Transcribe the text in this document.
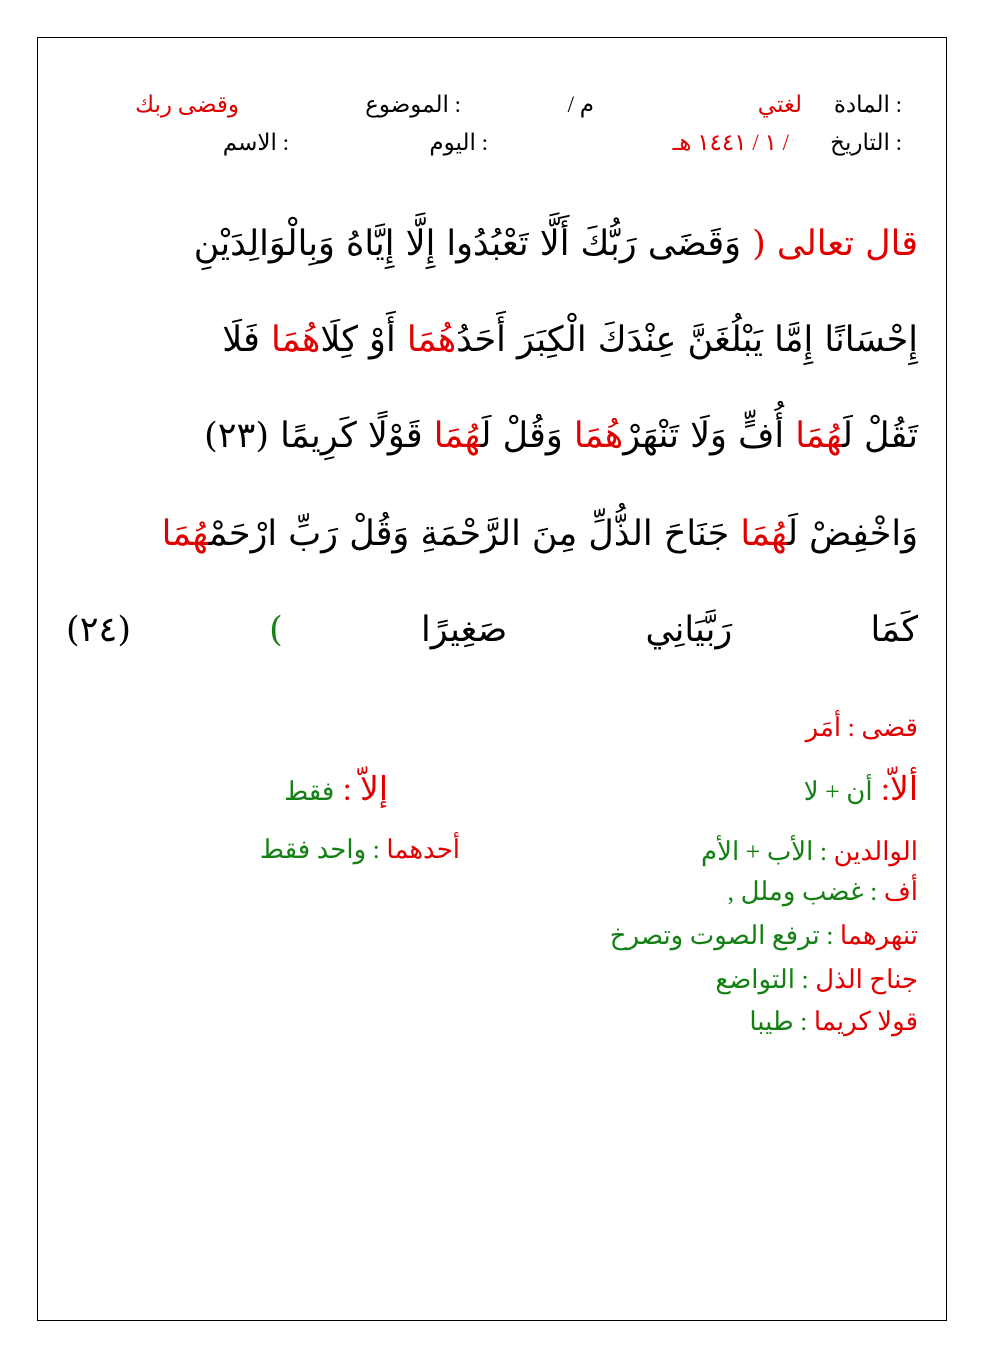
المادة :
لغتي
/ م
الموضوع :
وقضى ربك
التاريخ :
/ ١ / ١٤٤١ هـ
اليوم :
الاسم :
قال تعالى ( وَقَضَى رَبُّكَ أَلَّا تَعْبُدُوا إِلَّا إِيَّاهُ وَبِالْوَالِدَيْنِ
إِحْسَانًا إِمَّا يَبْلُغَنَّ عِنْدَكَ الْكِبَرَ أَحَدُهُمَا أَوْ كِلَاهُمَا فَلَا
تَقُلْ لَهُمَا أُفٍّ وَلَا تَنْهَرْهُمَا وَقُلْ لَهُمَا قَوْلًا كَرِيمًا (٢٣)
وَاخْفِضْ لَهُمَا جَنَاحَ الذُّلِّ مِنَ الرَّحْمَةِ وَقُلْ رَبِّ ارْحَمْهُمَا
كَمَا
رَبَّيَانِي
صَغِيرًا
)
(٢٤)
قضى : أمَر
ألاّ: أن + لا
إلاّ : فقط
الوالدين : الأب + الأم
أحدهما : واحد فقط
أف : غضب وملل ,
تنهرهما : ترفع الصوت وتصرخ
جناح الذل : التواضع
قولا كريما : طيبا
